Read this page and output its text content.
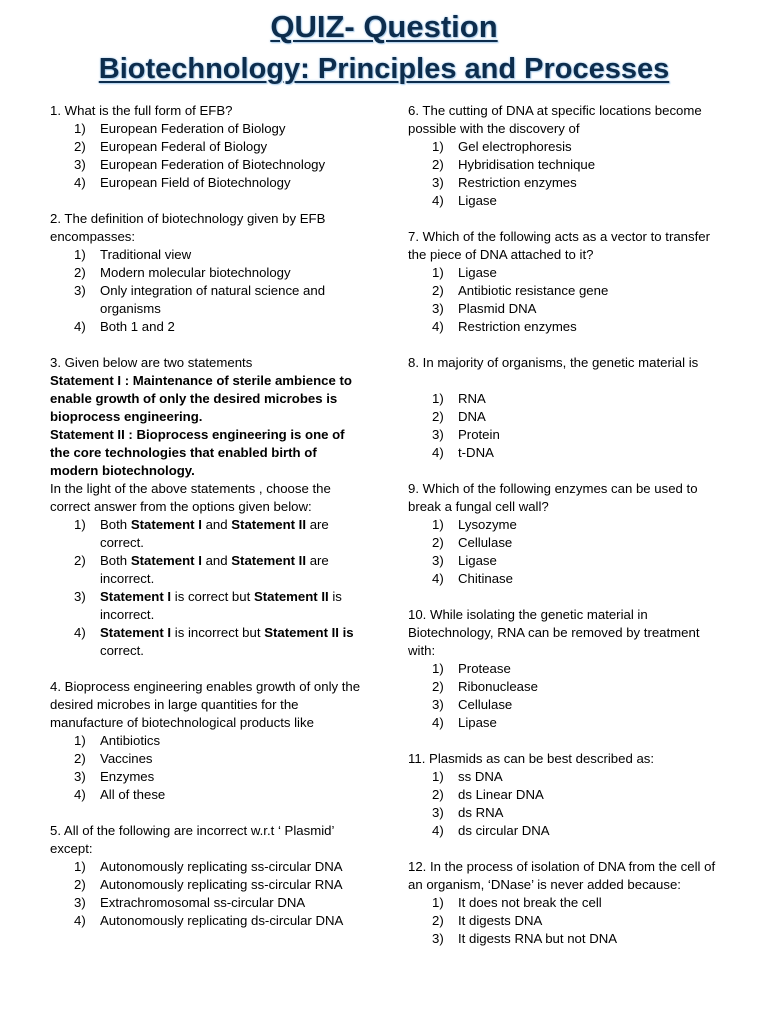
QUIZ- Question
Biotechnology: Principles and Processes

1. What is the full form of EFB?

1) European Federation of Biology
2) European Federal of Biology
3) European Federation of Biotechnology
4) European Field of Biotechnology

2. The definition of biotechnology given by EFB encompasses:

1) Traditional view
2) Modern molecular biotechnology
3) Only integration of natural science and organisms
4) Both 1 and 2

3. Given below are two statements

Statement I : Maintenance of sterile ambience to enable growth of only the desired microbes is bioprocess engineering.

Statement II : Bioprocess engineering is one of the core technologies that enabled birth of modern biotechnology.

In the light of the above statements , choose the correct answer from the options given below:

1) Both Statement I and Statement II are correct.
2) Both Statement I and Statement II are incorrect.
3) Statement I is correct but Statement II is incorrect.
4) Statement I is incorrect but Statement II is correct.

4. Bioprocess engineering enables growth of only the desired microbes in large quantities for the manufacture of biotechnological products like

1) Antibiotics
2) Vaccines
3) Enzymes
4) All of these

5. All of the following are incorrect w.r.t ‘ Plasmid’ except:

1) Autonomously replicating ss-circular DNA
2) Autonomously replicating ss-circular RNA
3) Extrachromosomal ss-circular DNA
4) Autonomously replicating ds-circular DNA

6. The cutting of DNA at specific locations become possible with the discovery of

1) Gel electrophoresis
2) Hybridisation technique
3) Restriction enzymes
4) Ligase

7. Which of the following acts as a vector to transfer the piece of DNA attached to it?

1) Ligase
2) Antibiotic resistance gene
3) Plasmid DNA
4) Restriction enzymes

8. In majority of organisms, the genetic material is

1) RNA
2) DNA
3) Protein
4) t-DNA

9. Which of the following enzymes can be used to break a fungal cell wall?

1) Lysozyme
2) Cellulase
3) Ligase
4) Chitinase

10. While isolating the genetic material in Biotechnology, RNA can be removed by treatment with:

1) Protease
2) Ribonuclease
3) Cellulase
4) Lipase

11. Plasmids as can be best described as:

1) ss DNA
2) ds Linear DNA
3) ds RNA
4) ds circular DNA

12. In the process of isolation of DNA from the cell of an organism, ‘DNase’ is never added because:

1) It does not break the cell
2) It digests DNA
3) It digests RNA but not DNA
